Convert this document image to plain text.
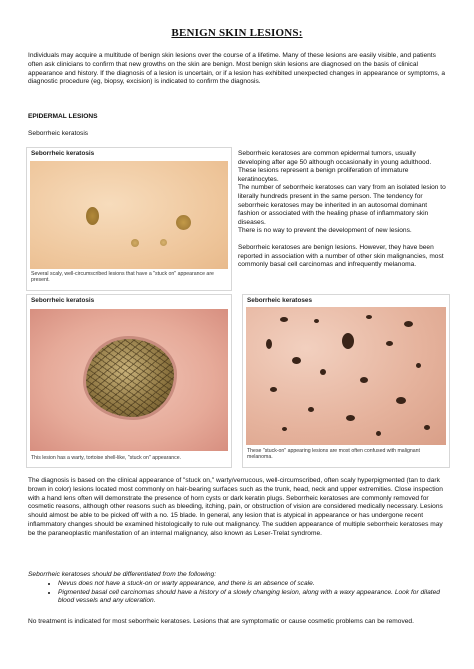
BENIGN SKIN LESIONS:
Individuals may acquire a multitude of benign skin lesions over the course of a lifetime. Many of these lesions are easily visible, and patients often ask clinicians to confirm that new growths on the skin are benign. Most benign skin lesions are diagnosed on the basis of clinical appearance and history. If the diagnosis of a lesion is uncertain, or if a lesion has exhibited unexpected changes in appearance or symptoms, a diagnostic procedure (eg, biopsy, excision) is indicated to confirm the diagnosis.
EPIDERMAL LESIONS
Seborrheic keratosis
Seborrheic keratosis
Several scaly, well-circumscribed lesions that have a "stuck on" appearance are present.

Seborrheic keratoses are common epidermal tumors, usually developing after age 50 although occasionally in young adulthood. These lesions represent a benign proliferation of immature keratinocytes.

The number of seborrheic keratoses can vary from an isolated lesion to literally hundreds present in the same person. The tendency for seborrheic keratoses may be inherited in an autosomal dominant fashion or associated with the healing phase of inflammatory skin diseases.

There is no way to prevent the development of new lesions.

Seborrheic keratoses are benign lesions. However, they have been reported in association with a number of other skin malignancies, most commonly basal cell carcinomas and infrequently melanoma.

Seborrheic keratosis
This lesion has a warty, tortoise shell-like, "stuck on" appearance.
Seborrheic keratoses
These "stuck-on" appearing lesions are most often confused with malignant melanoma.
The diagnosis is based on the clinical appearance of "stuck on," warty/verrucous, well-circumscribed, often scaly hyperpigmented (tan to dark brown in color) lesions located most commonly on hair-bearing surfaces such as the trunk, head, neck and upper extremities. Close inspection with a hand lens often will demonstrate the presence of horn cysts or dark keratin plugs. Seborrheic keratoses are commonly removed for cosmetic reasons, although other reasons such as bleeding, itching, pain, or obstruction of vision are considered medically necessary. Lesions should almost be able to be picked off with a no. 15 blade. In general, any lesion that is atypical in appearance or has undergone recent inflammatory changes should be examined histologically to rule out malignancy. The sudden appearance of multiple seborrheic keratoses may be the paraneoplastic manifestation of an internal malignancy, also known as Leser-Trelat syndrome.
Seborrheic keratoses should be differentiated from the following:
• Nevus does not have a stuck-on or warty appearance, and there is an absence of scale.
• Pigmented basal cell carcinomas should have a history of a slowly changing lesion, along with a waxy appearance. Look for dilated blood vessels and any ulceration.
No treatment is indicated for most seborrheic keratoses. Lesions that are symptomatic or cause cosmetic problems can be removed.
